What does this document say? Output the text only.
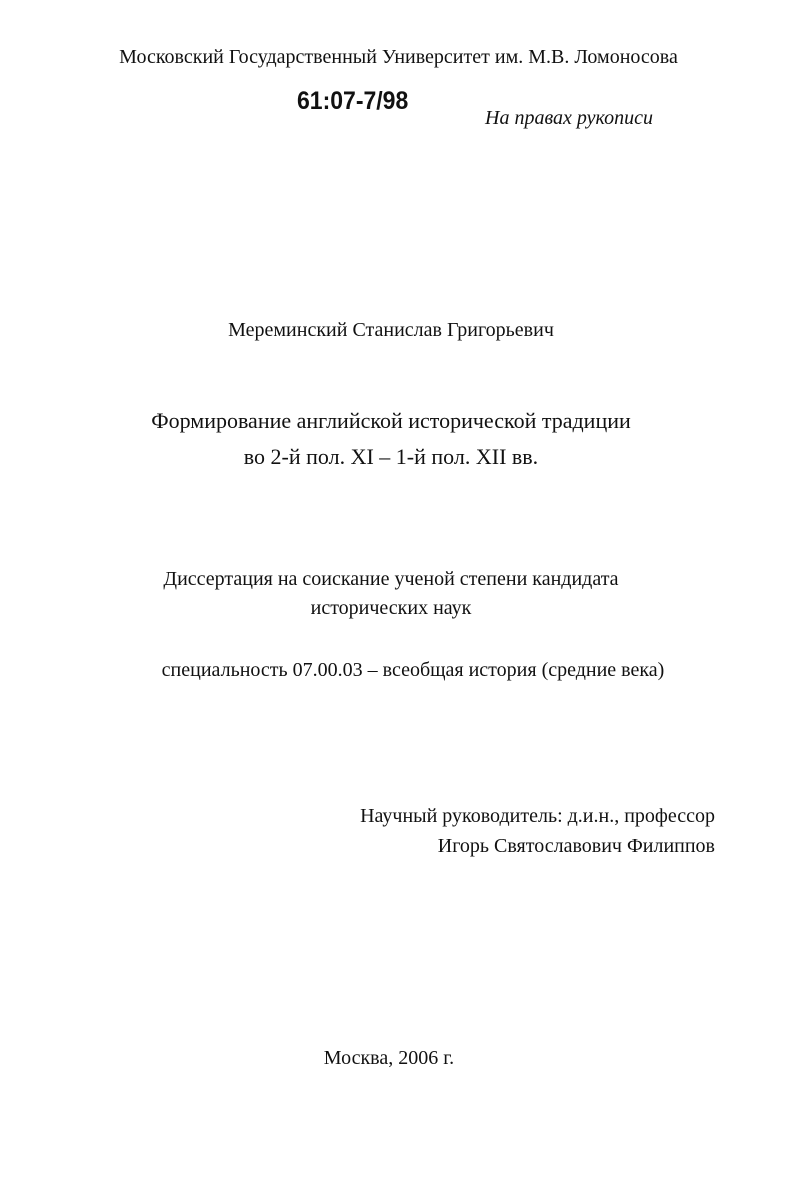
Московский Государственный Университет им. М.В. Ломоносова
61:07-7/98
На правах рукописи
Мереминский Станислав Григорьевич
Формирование английской исторической традиции
во 2-й пол. XI – 1-й пол. XII вв.
Диссертация на соискание ученой степени кандидата
исторических наук
специальность 07.00.03 – всеобщая история (средние века)
Научный руководитель: д.и.н., профессор
Игорь Святославович Филиппов
Москва, 2006 г.
